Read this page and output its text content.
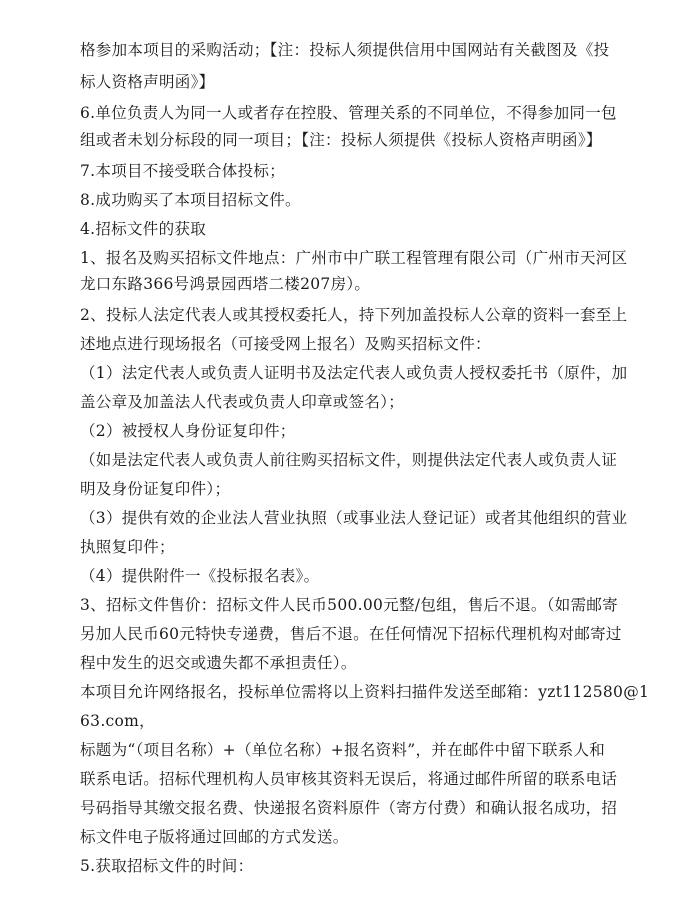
格参加本项目的采购活动；【注：投标人须提供信用中国网站有关截图及《投
标人资格声明函》】
6.单位负责人为同一人或者存在控股、管理关系的不同单位，不得参加同一包
组或者未划分标段的同一项目；【注：投标人须提供《投标人资格声明函》】
7.本项目不接受联合体投标；
8.成功购买了本项目招标文件。
4.招标文件的获取
1、报名及购买招标文件地点：广州市中广联工程管理有限公司（广州市天河区
龙口东路366号鸿景园西塔二楼207房）。
2、投标人法定代表人或其授权委托人，持下列加盖投标人公章的资料一套至上
述地点进行现场报名（可接受网上报名）及购买招标文件：
（1）法定代表人或负责人证明书及法定代表人或负责人授权委托书（原件，加
盖公章及加盖法人代表或负责人印章或签名）；
（2）被授权人身份证复印件；
（如是法定代表人或负责人前往购买招标文件，则提供法定代表人或负责人证
明及身份证复印件）；
（3）提供有效的企业法人营业执照（或事业法人登记证）或者其他组织的营业
执照复印件；
（4）提供附件一《投标报名表》。
3、招标文件售价：招标文件人民币500.00元整/包组，售后不退。（如需邮寄
另加人民币60元特快专递费，售后不退。在任何情况下招标代理机构对邮寄过
程中发生的迟交或遗失都不承担责任）。
本项目允许网络报名，投标单位需将以上资料扫描件发送至邮箱：yzt112580@1
63.com，
标题为“（项目名称）+（单位名称）+报名资料”，并在邮件中留下联系人和
联系电话。招标代理机构人员审核其资料无误后，将通过邮件所留的联系电话
号码指导其缴交报名费、快递报名资料原件（寄方付费）和确认报名成功，招
标文件电子版将通过回邮的方式发送。
5.获取招标文件的时间：
